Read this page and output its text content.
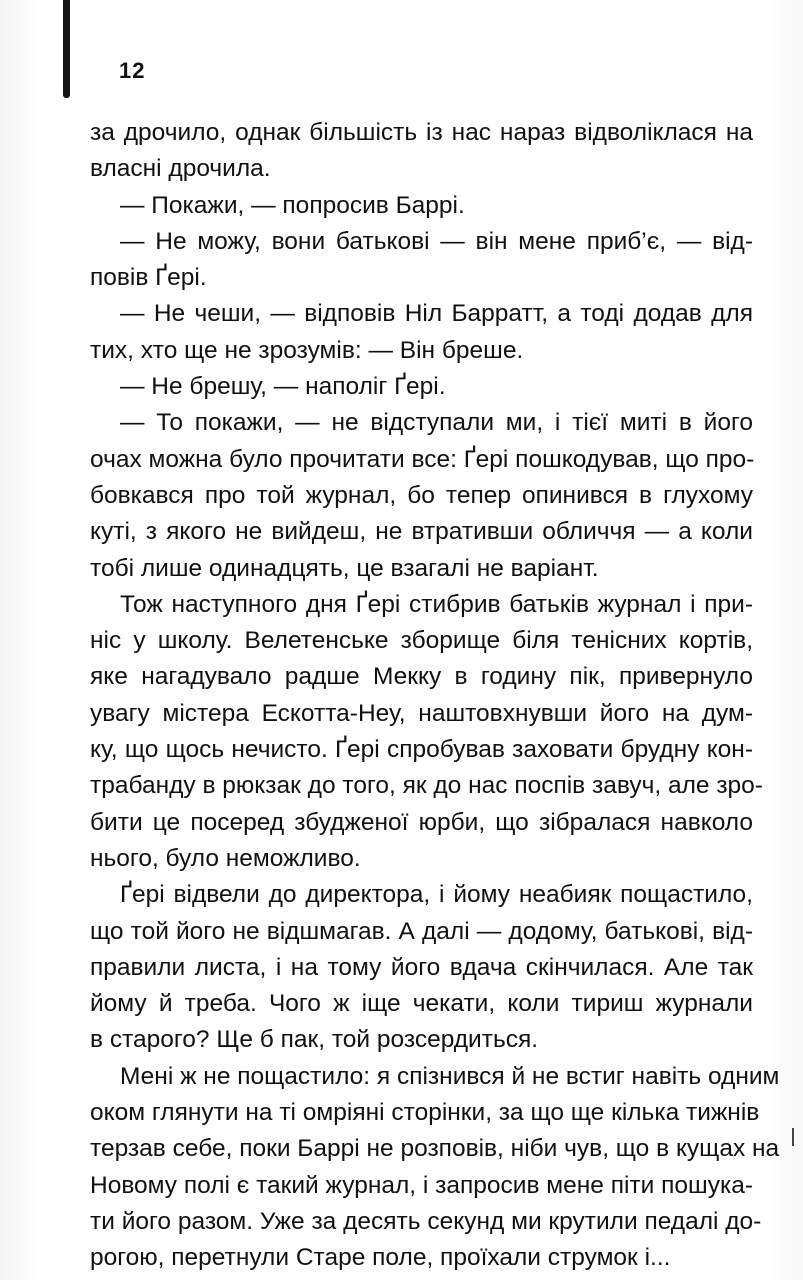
12
за дрочило, однак більшість із нас нараз відволіклася на
власні дрочила.
— Покажи, — попросив Баррі.
— Не можу, вони батькові — він мене приб’є, — від-
повів Ґері.
— Не чеши, — відповів Ніл Барратт, а тоді додав для
тих, хто ще не зрозумів: — Він бреше.
— Не брешу, — наполіг Ґері.
— То покажи, — не відступали ми, і тієї миті в його
очах можна було прочитати все: Ґері пошкодував, що про-
бовкався про той журнал, бо тепер опинився в глухому
куті, з якого не вийдеш, не втративши обличчя — а коли
тобі лише одинадцять, це взагалі не варіант.
Тож наступного дня Ґері стибрив батьків журнал і при-
ніс у школу. Велетенське зборище біля тенісних кортів,
яке нагадувало радше Мекку в годину пік, привернуло
увагу містера Ескотта-Неу, наштовхнувши його на дум-
ку, що щось нечисто. Ґері спробував заховати брудну кон-
трабанду в рюкзак до того, як до нас поспів завуч, але зро-
бити це посеред збудженої юрби, що зібралася навколо
нього, було неможливо.
Ґері відвели до директора, і йому неабияк пощастило,
що той його не відшмагав. А далі — додому, батькові, від-
правили листа, і на тому його вдача скінчилася. Але так
йому й треба. Чого ж іще чекати, коли тириш журнали
в старого? Ще б пак, той розсердиться.
Мені ж не пощастило: я спізнився й не встиг навіть одним
оком глянути на ті омріяні сторінки, за що ще кілька тижнів
терзав себе, поки Баррі не розповів, ніби чув, що в кущах на
Новому полі є такий журнал, і запросив мене піти пошука-
ти його разом. Уже за десять секунд ми крутили педалі до-
рогою, перетнули Старе поле, проїхали струмок і...
